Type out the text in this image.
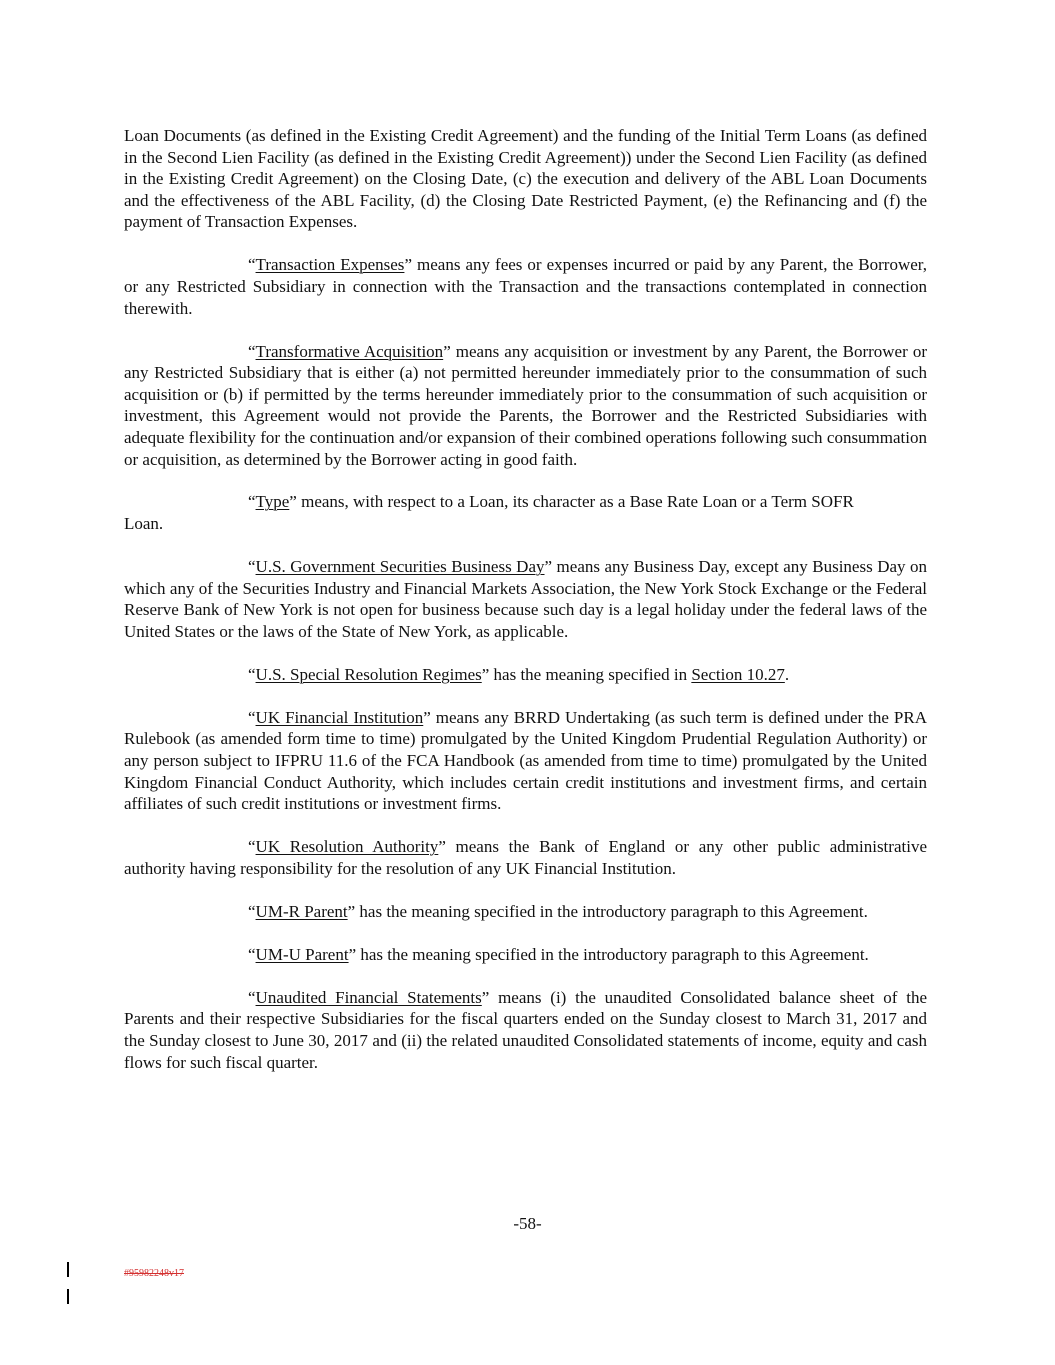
Loan Documents (as defined in the Existing Credit Agreement) and the funding of the Initial Term Loans (as defined in the Second Lien Facility (as defined in the Existing Credit Agreement)) under the Second Lien Facility (as defined in the Existing Credit Agreement) on the Closing Date, (c) the execution and delivery of the ABL Loan Documents and the effectiveness of the ABL Facility, (d) the Closing Date Restricted Payment, (e) the Refinancing and (f) the payment of Transaction Expenses.

“Transaction Expenses” means any fees or expenses incurred or paid by any Parent, the Borrower, or any Restricted Subsidiary in connection with the Transaction and the transactions contemplated in connection therewith.

“Transformative Acquisition” means any acquisition or investment by any Parent, the Borrower or any Restricted Subsidiary that is either (a) not permitted hereunder immediately prior to the consummation of such acquisition or (b) if permitted by the terms hereunder immediately prior to the consummation of such acquisition or investment, this Agreement would not provide the Parents, the Borrower and the Restricted Subsidiaries with adequate flexibility for the continuation and/or expansion of their combined operations following such consummation or acquisition, as determined by the Borrower acting in good faith.

“Type” means, with respect to a Loan, its character as a Base Rate Loan or a Term SOFR
Loan.

“U.S. Government Securities Business Day” means any Business Day, except any Business Day on which any of the Securities Industry and Financial Markets Association, the New York Stock Exchange or the Federal Reserve Bank of New York is not open for business because such day is a legal holiday under the federal laws of the United States or the laws of the State of New York, as applicable.

“U.S. Special Resolution Regimes” has the meaning specified in Section 10.27.

“UK Financial Institution” means any BRRD Undertaking (as such term is defined under the PRA Rulebook (as amended form time to time) promulgated by the United Kingdom Prudential Regulation Authority) or any person subject to IFPRU 11.6 of the FCA Handbook (as amended from time to time) promulgated by the United Kingdom Financial Conduct Authority, which includes certain credit institutions and investment firms, and certain affiliates of such credit institutions or investment firms.

“UK Resolution Authority” means the Bank of England or any other public administrative authority having responsibility for the resolution of any UK Financial Institution.

“UM-R Parent” has the meaning specified in the introductory paragraph to this Agreement.

“UM-U Parent” has the meaning specified in the introductory paragraph to this Agreement.

“Unaudited Financial Statements” means (i) the unaudited Consolidated balance sheet of the Parents and their respective Subsidiaries for the fiscal quarters ended on the Sunday closest to March 31, 2017 and the Sunday closest to June 30, 2017 and (ii) the related unaudited Consolidated statements of income, equity and cash flows for such fiscal quarter.

-58-
#95982248v17
